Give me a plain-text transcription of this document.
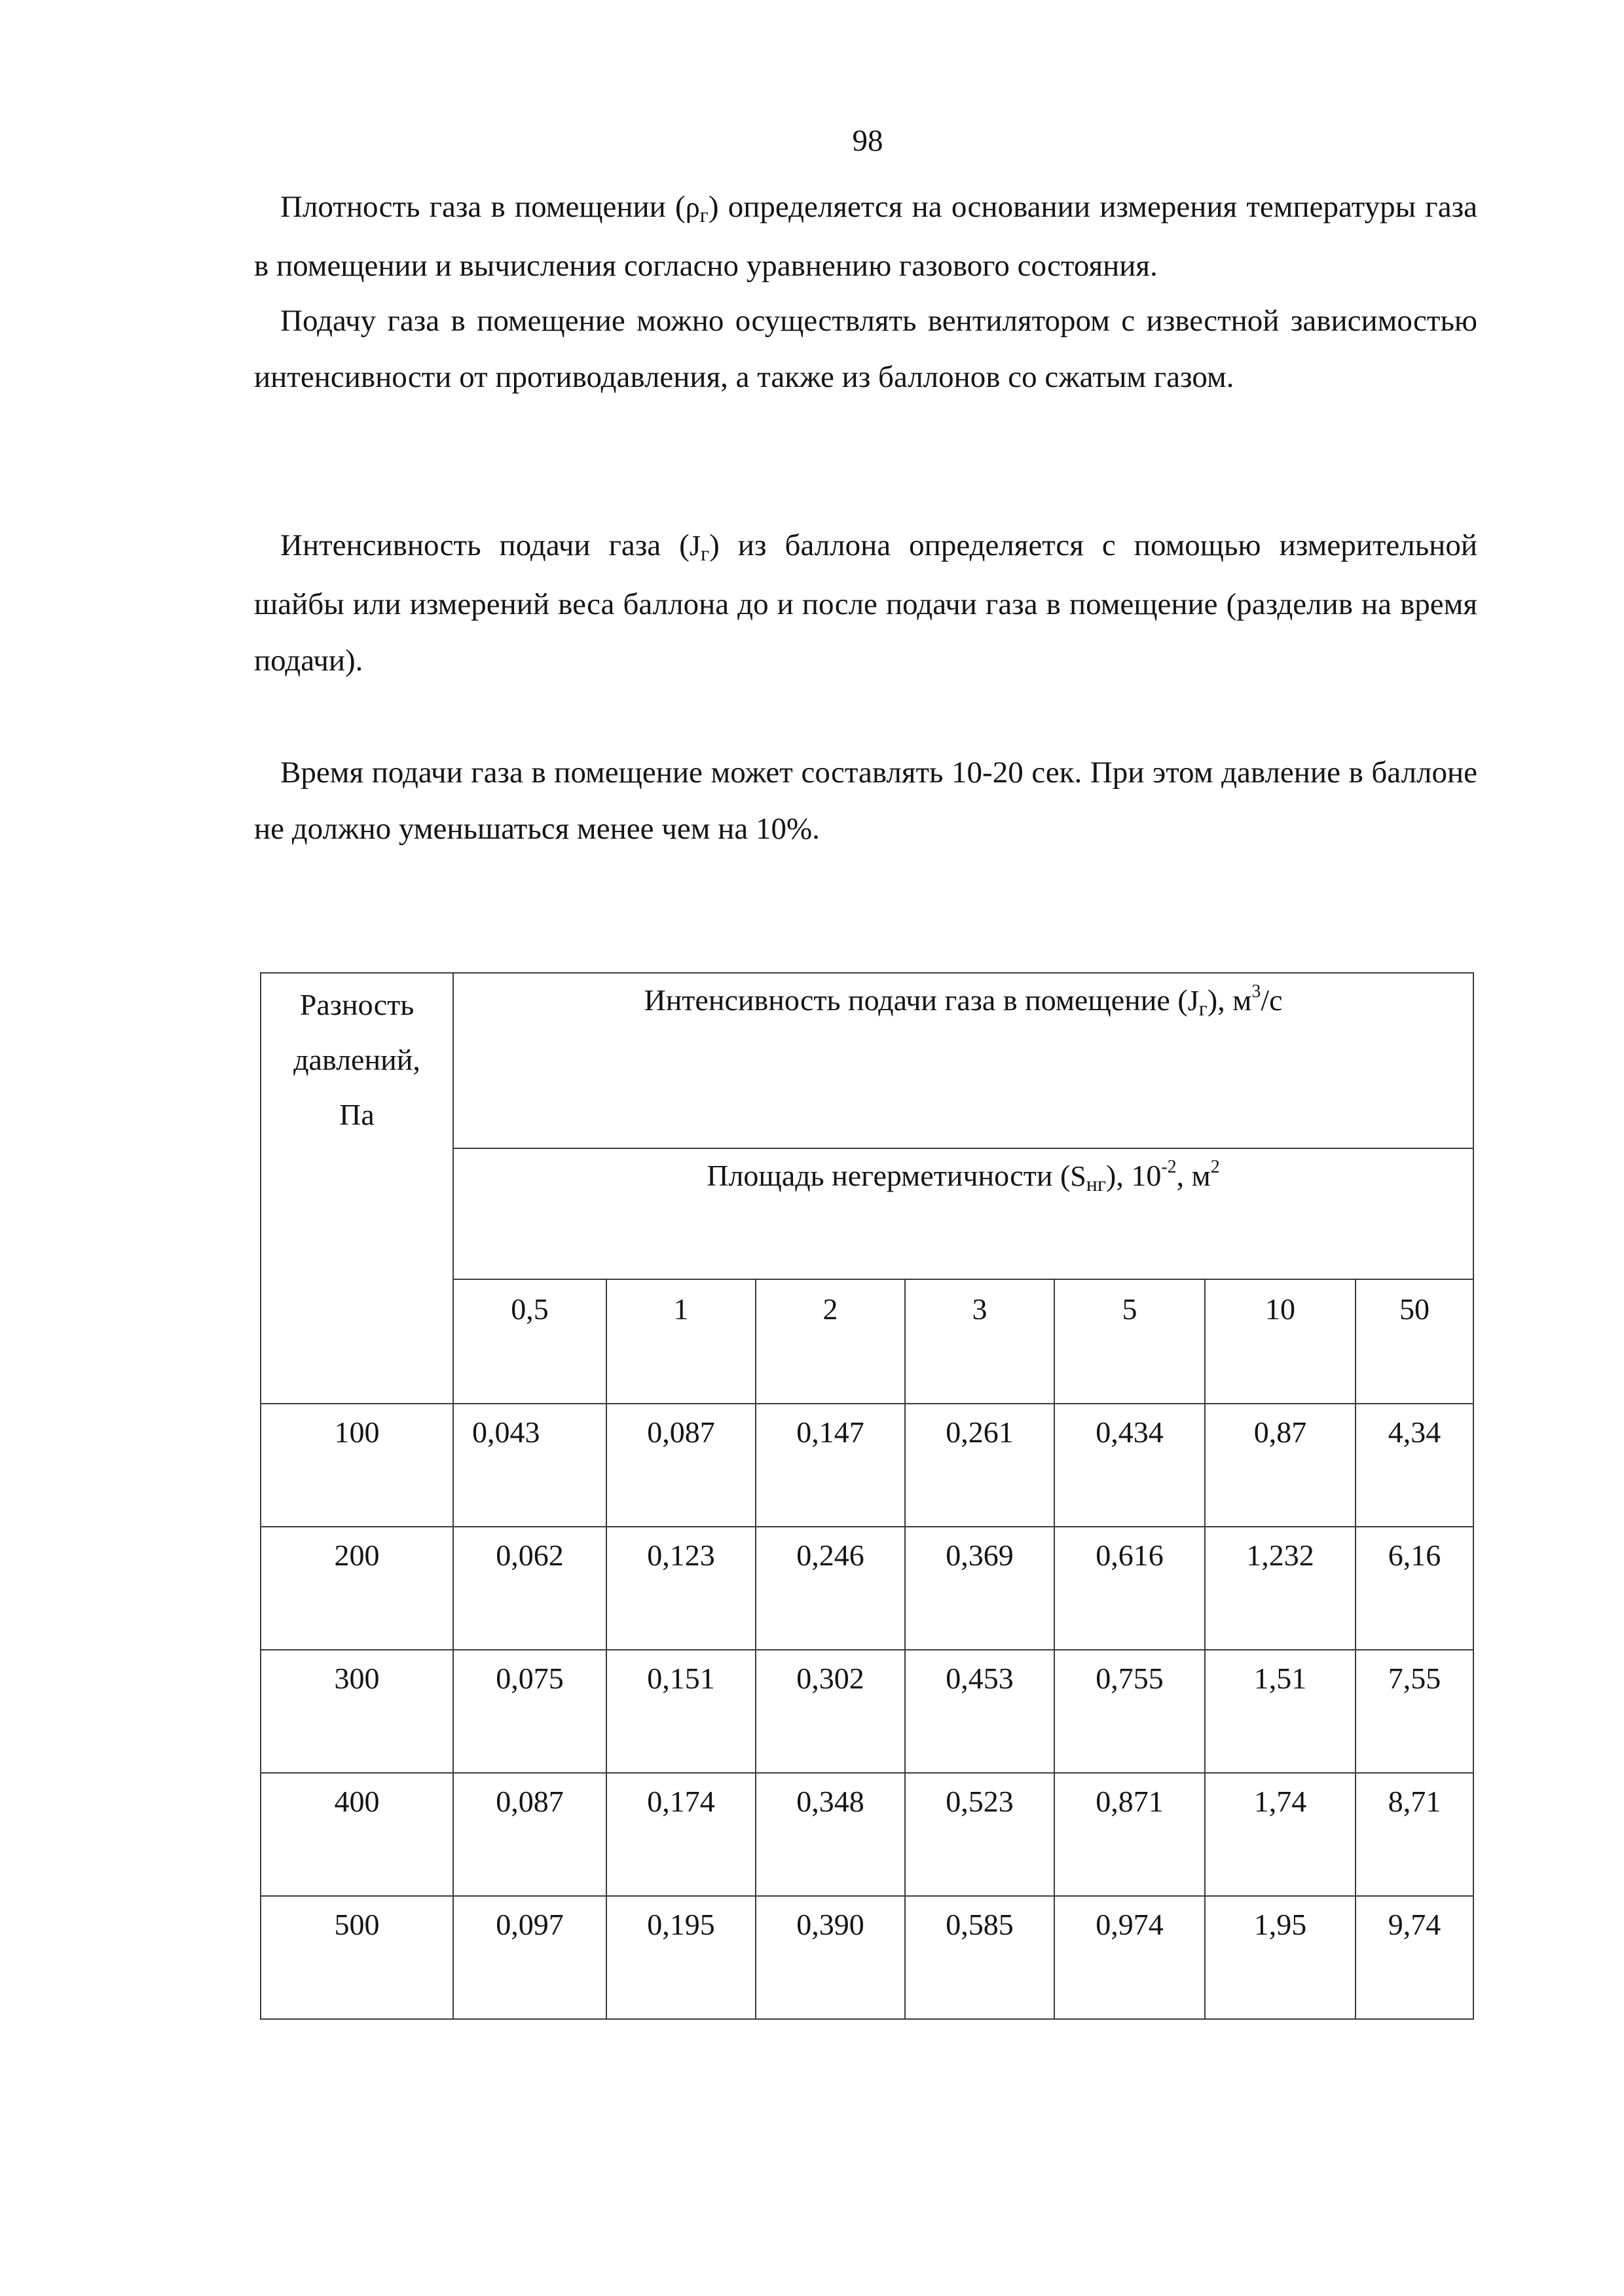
98
Плотность газа в помещении (ρг) определяется на основании измерения температуры газа в помещении и вычисления согласно уравнению газового состояния.
Подачу газа в помещение можно осуществлять вентилятором с известной зависимостью интенсивности от противодавления, а также из баллонов со сжатым газом.
Интенсивность подачи газа (Jг) из баллона определяется с помощью измерительной шайбы или измерений веса баллона до и после подачи газа в помещение (разделив на время подачи).
Время подачи газа в помещение может составлять 10-20 сек. При этом давление в баллоне не должно уменьшаться менее чем на 10%.
Разность
давлений,
Па	Интенсивность подачи газа в помещение (Jг), $м^3/с$						
	Площадь негерметичности (Sнг), $10^{-2}$, $м^2$
	0,5	1	2	3	5	10	50
100	0,043	0,087	0,147	0,261	0,434	0,87	4,34
200	0,062	0,123	0,246	0,369	0,616	1,232	6,16
300	0,075	0,151	0,302	0,453	0,755	1,51	7,55
400	0,087	0,174	0,348	0,523	0,871	1,74	8,71
500	0,097	0,195	0,390	0,585	0,974	1,95	9,74
